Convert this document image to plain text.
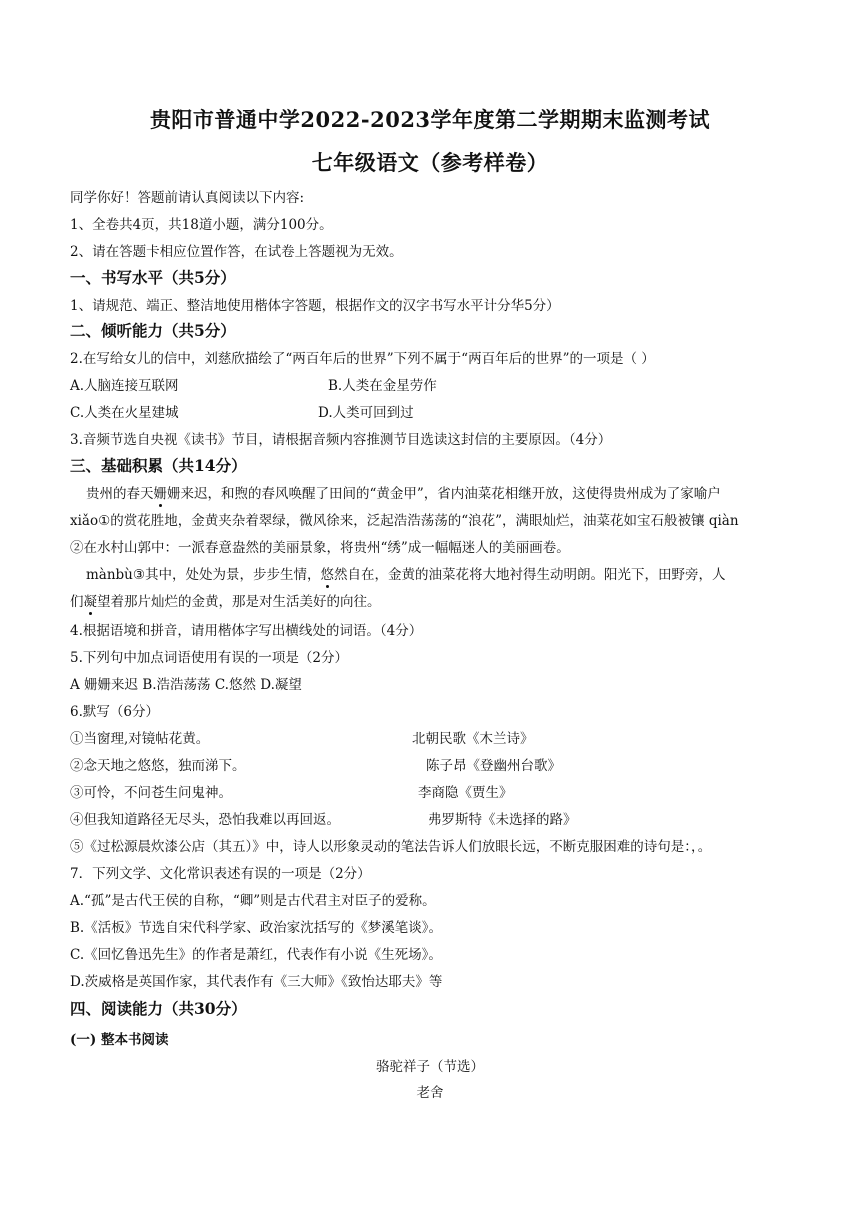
贵阳市普通中学2022-2023学年度第二学期期末监测考试
七年级语文（参考样卷）
同学你好！答题前请认真阅读以下内容:
1、全卷共4页，共18道小题，满分100分。
2、请在答题卡相应位置作答，在试卷上答题视为无效。
一、书写水平（共5分）
1、请规范、端正、整洁地使用楷体字答题，根据作文的汉字书写水平计分华5分）
二、倾听能力（共5分）
2.在写给女儿的信中，刘慈欣描绘了“两百年后的世界”下列不属于“两百年后的世界”的一项是（ ）
A.人脑连接互联网	B.人类在金星劳作
C.人类在火星建城	D.人类可回到过
3.音频节选自央视《读书》节目，请根据音频内容推测节目选读这封信的主要原因。（4分）
三、基础积累（共14分）
贵州的春天姗姗来迟，和煦的春风唤醒了田间的“黄金甲”，省内油菜花相继开放，这使得贵州成为了家喻户
xiǎo①的赏花胜地，金黄夹杂着翠绿，微风徐来，泛起浩浩荡荡的“浪花”，满眼灿烂，油菜花如宝石般被镶 qiàn
②在水村山郭中：一派春意盎然的美丽景象，将贵州“绣”成一幅幅迷人的美丽画卷。
mànbù③其中，处处为景，步步生情，悠然自在，金黄的油菜花将大地衬得生动明朗。阳光下，田野旁，人
们凝望着那片灿烂的金黄，那是对生活美好的向往。
4.根据语境和拼音，请用楷体字写出横线处的词语。（4分）
5.下列句中加点词语使用有误的一项是（2分）
A 姗姗来迟 B.浩浩荡荡 C.悠然 D.凝望
6.默写（6分）
①当窗理,对镜帖花黄。	北朝民歌《木兰诗》
②念天地之悠悠，独而涕下。	陈子昂《登幽州台歌》
③可怜，不问苍生问鬼神。	李商隐《贾生》
④但我知道路径无尽头，恐怕我难以再回返。	弗罗斯特《未选择的路》
⑤《过松源晨炊漆公店（其五）》中，诗人以形象灵动的笔法告诉人们放眼长远，不断克服困难的诗句是：，。
7．下列文学、文化常识表述有误的一项是（2分）
A.“孤”是古代王侯的自称，“卿”则是古代君主对臣子的爱称。
B.《活板》节选自宋代科学家、政治家沈括写的《梦溪笔谈》。
C.《回忆鲁迅先生》的作者是萧红，代表作有小说《生死场》。
D.茨威格是英国作家，其代表作有《三大师》《致怡达耶夫》等
四、阅读能力（共30分）
(一) 整本书阅读
骆驼祥子（节选）
老舍
